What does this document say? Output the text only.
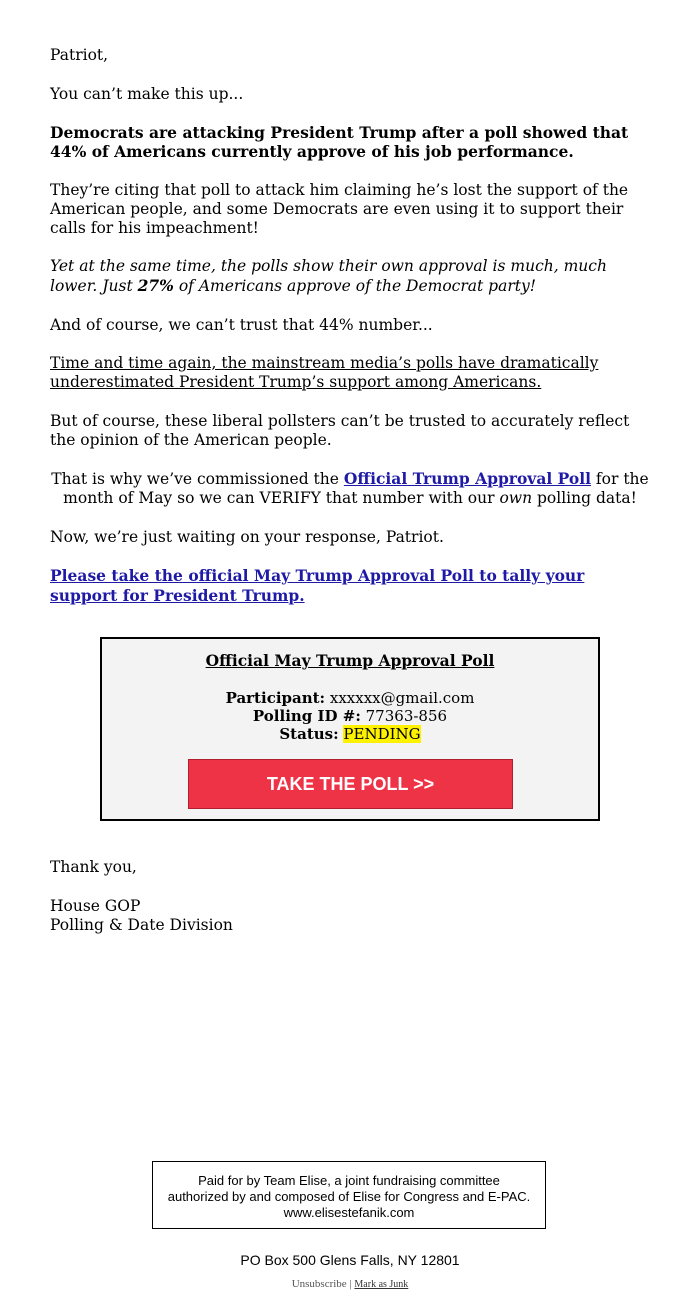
Patriot,

You can’t make this up...

Democrats are attacking President Trump after a poll showed that 44% of Americans currently approve of his job performance.

They’re citing that poll to attack him claiming he’s lost the support of the American people, and some Democrats are even using it to support their calls for his impeachment!

Yet at the same time, the polls show their own approval is much, much lower. Just 27% of Americans approve of the Democrat party!

And of course, we can’t trust that 44% number...

Time and time again, the mainstream media’s polls have dramatically underestimated President Trump’s support among Americans.

But of course, these liberal pollsters can’t be trusted to accurately reflect the opinion of the American people.

That is why we’ve commissioned the Official Trump Approval Poll for the month of May so we can VERIFY that number with our own polling data!

Now, we’re just waiting on your response, Patriot.

Please take the official May Trump Approval Poll to tally your support for President Trump.

Official May Trump Approval Poll
Participant: xxxxxx@gmail.com
Polling ID #: 77363-856
Status: PENDING
TAKE THE POLL >>

Thank you,

House GOP
Polling & Date Division
Paid for by Team Elise, a joint fundraising committee authorized by and composed of Elise for Congress and E-PAC. www.elisestefanik.com
PO Box 500 Glens Falls, NY 12801
Unsubscribe | Mark as Junk
